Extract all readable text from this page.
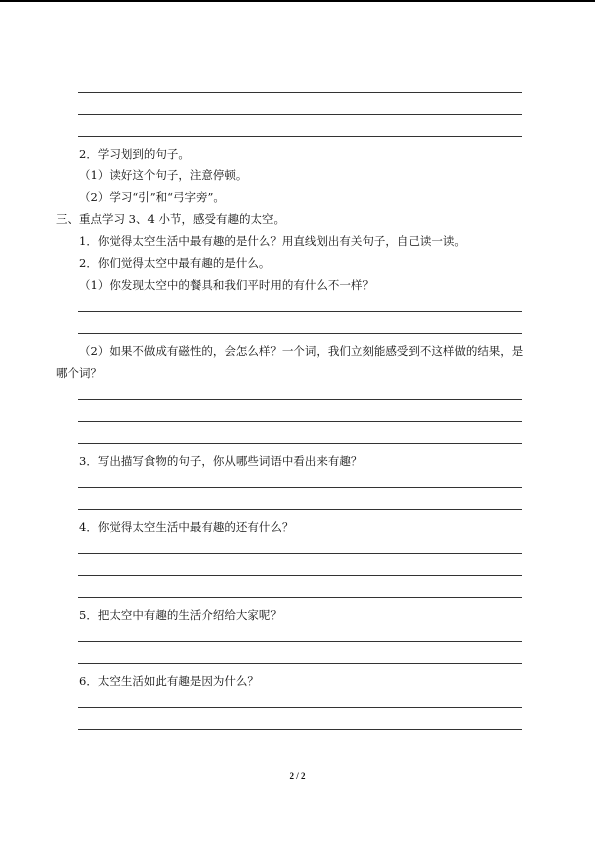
2．学习划到的句子。
（1）读好这个句子，注意停顿。
（2）学习“引”和“弓字旁”。
三、重点学习 3、4 小节，感受有趣的太空。
1．你觉得太空生活中最有趣的是什么？用直线划出有关句子，自己读一读。
2．你们觉得太空中最有趣的是什么。
（1）你发现太空中的餐具和我们平时用的有什么不一样？
（2）如果不做成有磁性的，会怎么样？一个词，我们立刻能感受到不这样做的结果，是
哪个词？
3．写出描写食物的句子，你从哪些词语中看出来有趣？
4．你觉得太空生活中最有趣的还有什么？
5．把太空中有趣的生活介绍给大家呢？
6．太空生活如此有趣是因为什么？
2 / 2
